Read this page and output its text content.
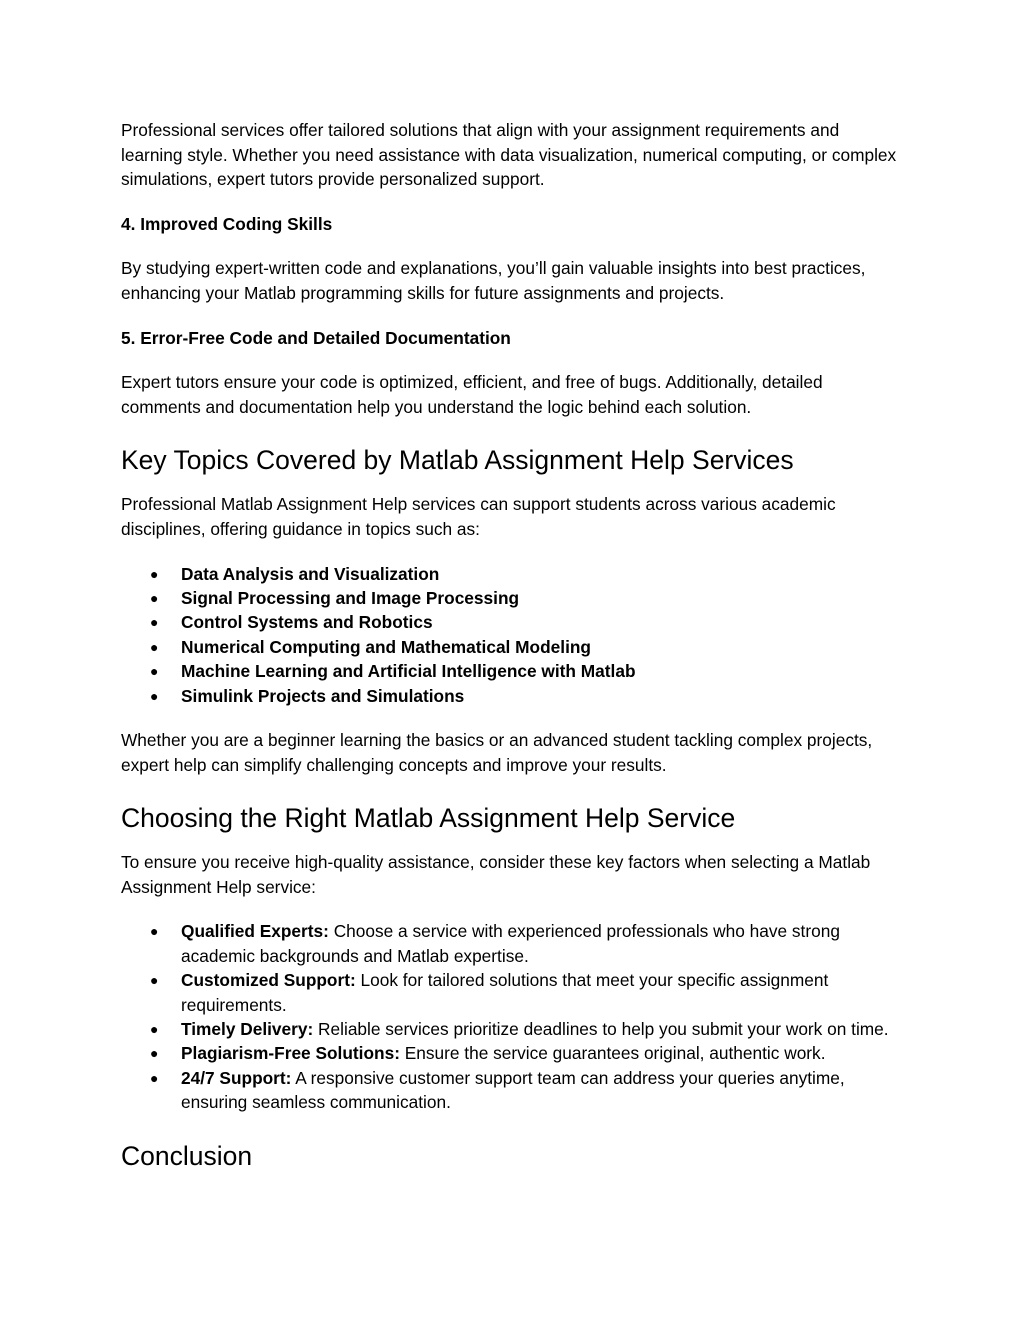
Professional services offer tailored solutions that align with your assignment requirements and learning style. Whether you need assistance with data visualization, numerical computing, or complex simulations, expert tutors provide personalized support.

4. Improved Coding Skills

By studying expert-written code and explanations, you’ll gain valuable insights into best practices, enhancing your Matlab programming skills for future assignments and projects.

5. Error-Free Code and Detailed Documentation

Expert tutors ensure your code is optimized, efficient, and free of bugs. Additionally, detailed comments and documentation help you understand the logic behind each solution.

Key Topics Covered by Matlab Assignment Help Services

Professional Matlab Assignment Help services can support students across various academic disciplines, offering guidance in topics such as:

● Data Analysis and Visualization
● Signal Processing and Image Processing
● Control Systems and Robotics
● Numerical Computing and Mathematical Modeling
● Machine Learning and Artificial Intelligence with Matlab
● Simulink Projects and Simulations

Whether you are a beginner learning the basics or an advanced student tackling complex projects, expert help can simplify challenging concepts and improve your results.

Choosing the Right Matlab Assignment Help Service

To ensure you receive high-quality assistance, consider these key factors when selecting a Matlab Assignment Help service:

● Qualified Experts: Choose a service with experienced professionals who have strong academic backgrounds and Matlab expertise.
● Customized Support: Look for tailored solutions that meet your specific assignment requirements.
● Timely Delivery: Reliable services prioritize deadlines to help you submit your work on time.
● Plagiarism-Free Solutions: Ensure the service guarantees original, authentic work.
● 24/7 Support: A responsive customer support team can address your queries anytime, ensuring seamless communication.
Conclusion
